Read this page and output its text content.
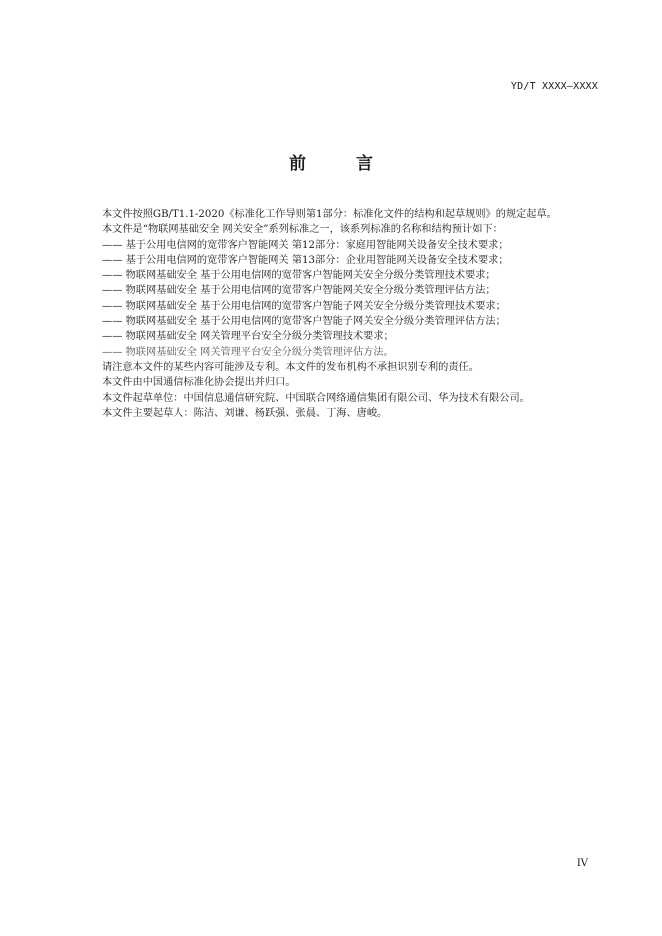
YD/T XXXX—XXXX
前 言
本文件按照GB/T1.1-2020《标准化工作导则第1部分：标准化文件的结构和起草规则》的规定起草。
本文件是“物联网基础安全 网关安全”系列标准之一，该系列标准的名称和结构预计如下：
—— 基于公用电信网的宽带客户智能网关 第12部分：家庭用智能网关设备安全技术要求；
—— 基于公用电信网的宽带客户智能网关 第13部分：企业用智能网关设备安全技术要求；
—— 物联网基础安全 基于公用电信网的宽带客户智能网关安全分级分类管理技术要求；
—— 物联网基础安全 基于公用电信网的宽带客户智能网关安全分级分类管理评估方法；
—— 物联网基础安全 基于公用电信网的宽带客户智能子网关安全分级分类管理技术要求；
—— 物联网基础安全 基于公用电信网的宽带客户智能子网关安全分级分类管理评估方法；
—— 物联网基础安全 网关管理平台安全分级分类管理技术要求；
—— 物联网基础安全 网关管理平台安全分级分类管理评估方法。
请注意本文件的某些内容可能涉及专利。本文件的发布机构不承担识别专利的责任。
本文件由中国通信标准化协会提出并归口。
本文件起草单位：中国信息通信研究院、中国联合网络通信集团有限公司、华为技术有限公司。
本文件主要起草人：陈洁、刘谦、杨跃强、张晨、丁海、唐峻。
IV
